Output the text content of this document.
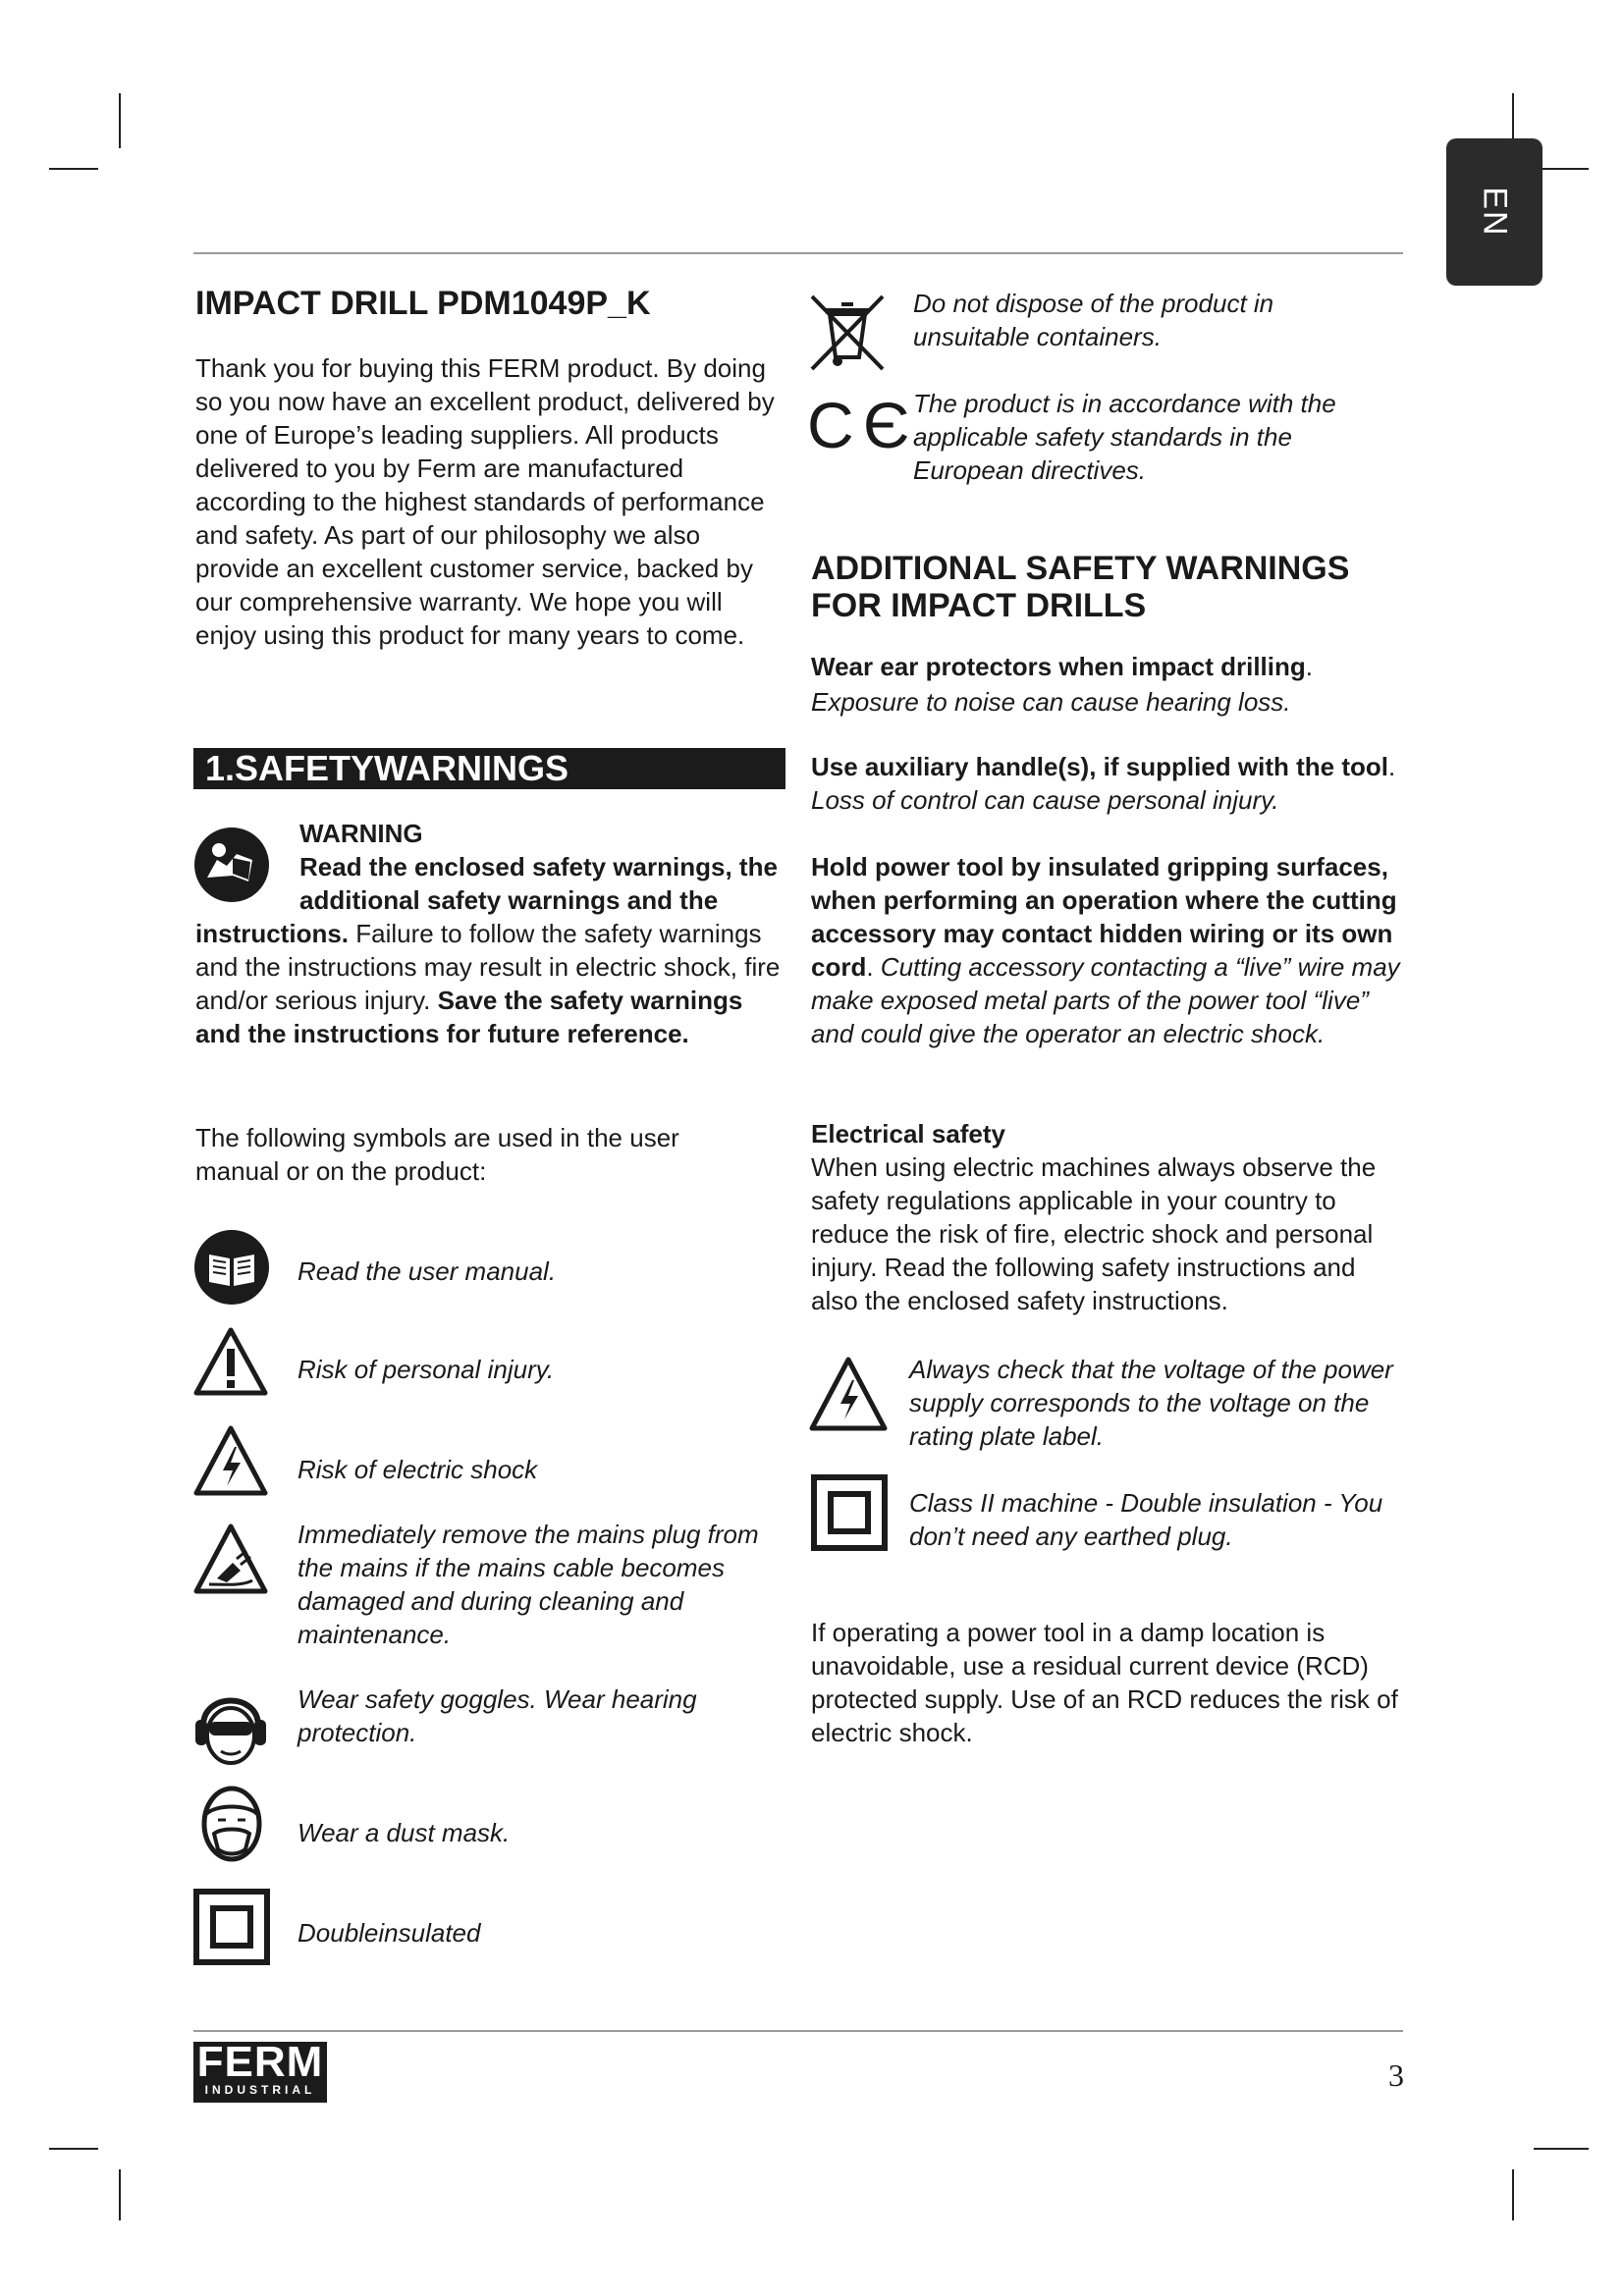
EN
IMPACT DRILL PDM1049P_K

Thank you for buying this FERM product. By doing so you now have an excellent product, delivered by one of Europe’s leading suppliers. All products delivered to you by Ferm are manufactured according to the highest standards of performance and safety. As part of our philosophy we also provide an excellent customer service, backed by our comprehensive warranty. We hope you will enjoy using this product for many years to come.

1.SAFETYWARNINGS
WARNING

Read the enclosed safety warnings, the additional safety warnings and the instructions. Failure to follow the safety warnings and the instructions may result in electric shock, fire and/or serious injury. Save the safety warnings and the instructions for future reference.

The following symbols are used in the user manual or on the product:
Read the user manual.
Risk of personal injury.
Risk of electric shock
Immediately remove the mains plug from the mains if the mains cable becomes damaged and during cleaning and maintenance.
Wear safety goggles. Wear hearing protection.
Wear a dust mask.
Doubleinsulated
Do not dispose of the product in unsuitable containers.
C Є The product is in accordance with the applicable safety standards in the European directives.
ADDITIONAL SAFETY WARNINGS FOR IMPACT DRILLS

Wear ear protectors when impact drilling.

Exposure to noise can cause hearing loss.

Use auxiliary handle(s), if supplied with the tool. Loss of control can cause personal injury.

Hold power tool by insulated gripping surfaces, when performing an operation where the cutting accessory may contact hidden wiring or its own cord. Cutting accessory contacting a “live” wire may make exposed metal parts of the power tool “live” and could give the operator an electric shock.

Electrical safety

When using electric machines always observe the safety regulations applicable in your country to reduce the risk of fire, electric shock and personal injury. Read the following safety instructions and also the enclosed safety instructions.

Always check that the voltage of the power supply corresponds to the voltage on the rating plate label.
Class II machine - Double insulation - You don’t need any earthed plug.
If operating a power tool in a damp location is unavoidable, use a residual current device (RCD) protected supply. Use of an RCD reduces the risk of electric shock.
FERM
INDUSTRIAL	3
